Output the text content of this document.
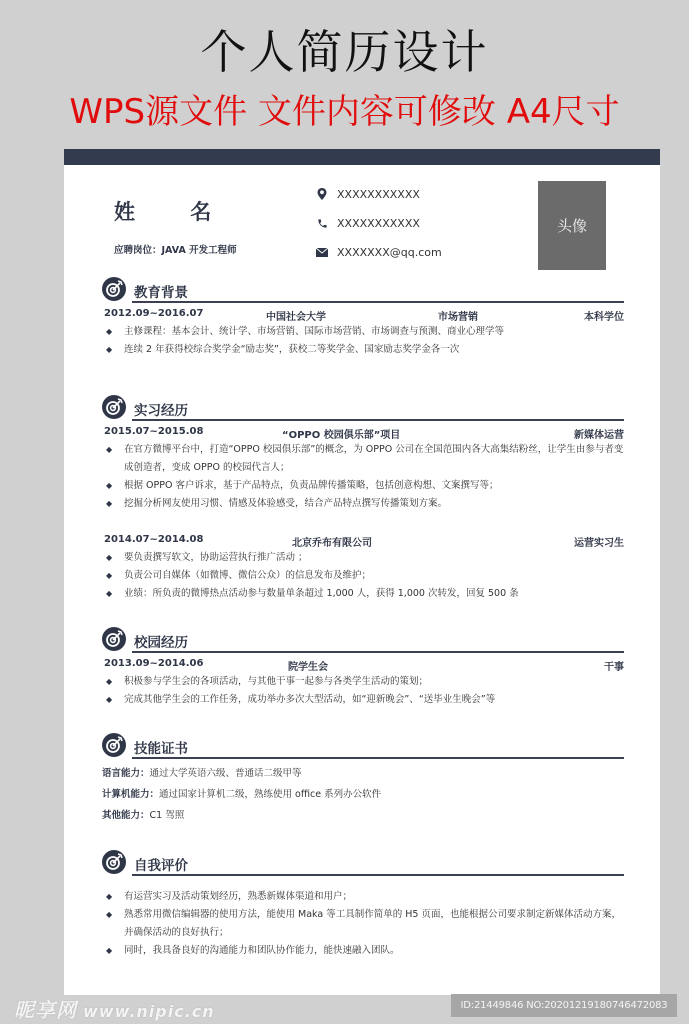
个人简历设计
WPS源文件 文件内容可修改 A4尺寸
姓 名
应聘岗位：JAVA 开发工程师
XXXXXXXXXXX
XXXXXXXXXXX
XXXXXXX@qq.com
头像
教育背景
2012.09~2016.07	中国社会大学	市场营销	本科学位
◆ 主修课程：基本会计、统计学、市场营销、国际市场营销、市场调查与预测、商业心理学等
◆ 连续 2 年获得校综合奖学金“励志奖”，获校二等奖学金、国家励志奖学金各一次
实习经历
2015.07~2015.08	“OPPO 校园俱乐部”项目	新媒体运营
◆ 在官方微博平台中，打造“OPPO 校园俱乐部”的概念，为 OPPO 公司在全国范围内各大高集结粉丝，让学生由参与者变成创造者，变成 OPPO 的校园代言人；
◆ 根据 OPPO 客户诉求，基于产品特点，负责品牌传播策略，包括创意构想、文案撰写等；
◆ 挖掘分析网友使用习惯、情感及体验感受，结合产品特点撰写传播策划方案。
2014.07~2014.08	北京乔布有限公司	运营实习生
◆ 要负责撰写软文，协助运营执行推广活动 ；
◆ 负责公司自媒体（如微博、微信公众）的信息发布及维护；
◆ 业绩：所负责的微博热点活动参与数量单条超过 1,000 人，获得 1,000 次转发，回复 500 条
校园经历
2013.09~2014.06	院学生会	干事
◆ 积极参与学生会的各项活动，与其他干事一起参与各类学生活动的策划；
◆ 完成其他学生会的工作任务，成功举办多次大型活动，如“迎新晚会”、“送毕业生晚会”等
技能证书
语言能力：通过大学英语六级、普通话二级甲等
计算机能力：通过国家计算机二级，熟练使用 office 系列办公软件
其他能力：C1 驾照
自我评价
◆ 有运营实习及活动策划经历，熟悉新媒体渠道和用户；
◆ 熟悉常用微信编辑器的使用方法，能使用 Maka 等工具制作简单的 H5 页面，也能根据公司要求制定新媒体活动方案，并确保活动的良好执行；
◆ 同时，我具备良好的沟通能力和团队协作能力，能快速融入团队。
昵享网 www.nipic.cn	ID:21449846 NO:20201219180746472083
